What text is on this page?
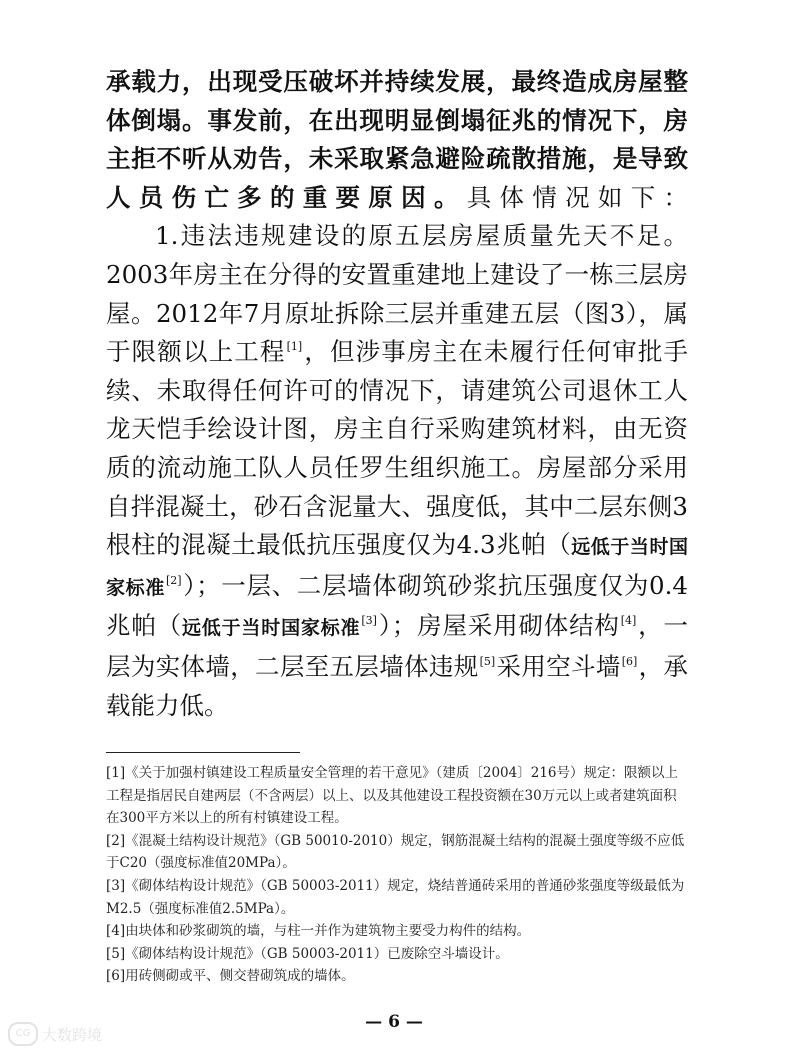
承载力，出现受压破坏并持续发展，最终造成房屋整体倒塌。事发前，在出现明显倒塌征兆的情况下，房主拒不听从劝告，未采取紧急避险疏散措施，是导致人员伤亡多的重要原因。具体情况如下：

1.违法违规建设的原五层房屋质量先天不足。2003年房主在分得的安置重建地上建设了一栋三层房屋。2012年7月原址拆除三层并重建五层（图3），属于限额以上工程[1]，但涉事房主在未履行任何审批手续、未取得任何许可的情况下，请建筑公司退休工人龙天恺手绘设计图，房主自行采购建筑材料，由无资质的流动施工队人员任罗生组织施工。房屋部分采用自拌混凝土，砂石含泥量大、强度低，其中二层东侧3根柱的混凝土最低抗压强度仅为4.3兆帕（远低于当时国家标准[2]）；一层、二层墙体砌筑砂浆抗压强度仅为0.4兆帕（远低于当时国家标准[3]）；房屋采用砌体结构[4]，一层为实体墙，二层至五层墙体违规[5]采用空斗墙[6]，承载能力低。

[1]《关于加强村镇建设工程质量安全管理的若干意见》（建质〔2004〕216号）规定：限额以上工程是指居民自建两层（不含两层）以上、以及其他建设工程投资额在30万元以上或者建筑面积在300平方米以上的所有村镇建设工程。

[2]《混凝土结构设计规范》（GB 50010-2010）规定，钢筋混凝土结构的混凝土强度等级不应低于C20（强度标准值20MPa）。

[3]《砌体结构设计规范》（GB 50003-2011）规定，烧结普通砖采用的普通砂浆强度等级最低为M2.5（强度标准值2.5MPa）。

[4]由块体和砂浆砌筑的墙，与柱一并作为建筑物主要受力构件的结构。

[5]《砌体结构设计规范》（GB 50003-2011）已废除空斗墙设计。

[6]用砖侧砌或平、侧交替砌筑成的墙体。

— 6 —
CG 大数跨境
